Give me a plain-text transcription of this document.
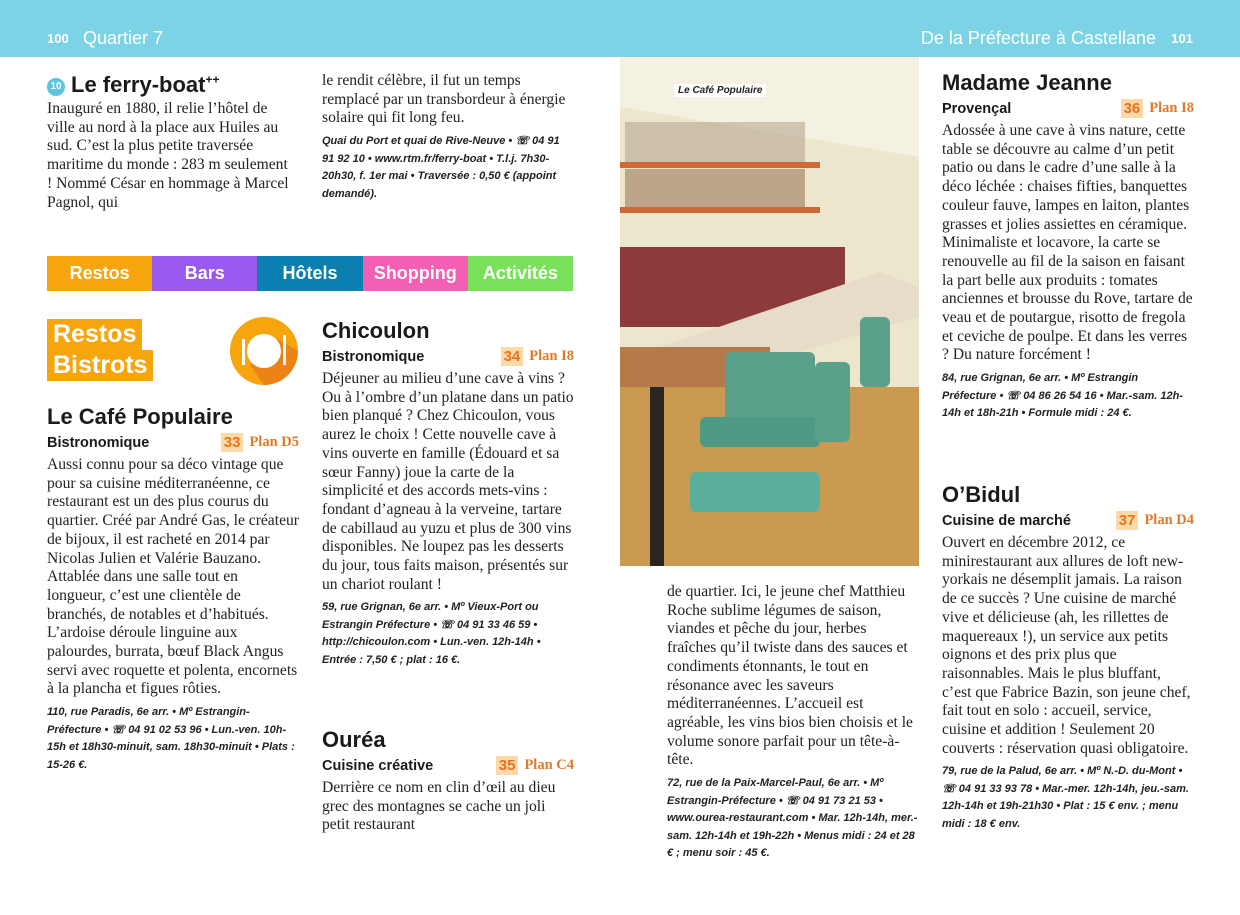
100 Quartier 7	De la Préfecture à Castellane 101
10 Le ferry-boat++
Inauguré en 1880, il relie l’hôtel de ville au nord à la place aux Huiles au sud. C’est la plus petite traversée maritime du monde : 283 m seulement ! Nommé César en hommage à Marcel Pagnol, qui
le rendit célèbre, il fut un temps remplacé par un transbordeur à énergie solaire qui fit long feu.
Quai du Port et quai de Rive-Neuve • ☏ 04 91 91 92 10 • www.rtm.fr/ferry-boat • T.l.j. 7h30-20h30, f. 1er mai • Traversée : 0,50 € (appoint demandé).
Restos	Bars	Hôtels	Shopping	Activités
Restos
Bistrots
Le Café Populaire
Bistronomique	33 Plan D5
Aussi connu pour sa déco vintage que pour sa cuisine méditerranéenne, ce restaurant est un des plus courus du quartier. Créé par André Gas, le créateur de bijoux, il est racheté en 2014 par Nicolas Julien et Valérie Bauzano. Attablée dans une salle tout en longueur, c’est une clientèle de branchés, de notables et d’habitués. L’ardoise déroule linguine aux palourdes, burrata, bœuf Black Angus servi avec roquette et polenta, encornets à la plancha et figues rôties.
110, rue Paradis, 6e arr. • Mº Estrangin-Préfecture • ☏ 04 91 02 53 96 • Lun.-ven. 10h-15h et 18h30-minuit, sam. 18h30-minuit • Plats : 15-26 €.
Chicoulon
Bistronomique	34 Plan I8
Déjeuner au milieu d’une cave à vins ? Ou à l’ombre d’un platane dans un patio bien planqué ? Chez Chicoulon, vous aurez le choix ! Cette nouvelle cave à vins ouverte en famille (Édouard et sa sœur Fanny) joue la carte de la simplicité et des accords mets-vins : fondant d’agneau à la verveine, tartare de cabillaud au yuzu et plus de 300 vins disponibles. Ne loupez pas les desserts du jour, tous faits maison, présentés sur un chariot roulant !
59, rue Grignan, 6e arr. • Mº Vieux-Port ou Estrangin Préfecture • ☏ 04 91 33 46 59 • http://chicoulon.com • Lun.-ven. 12h-14h • Entrée : 7,50 € ; plat : 16 €.
Ouréa
Cuisine créative	35 Plan C4
Derrière ce nom en clin d’œil au dieu grec des montagnes se cache un joli petit restaurant
Le Café Populaire
de quartier. Ici, le jeune chef Matthieu Roche sublime légumes de saison, viandes et pêche du jour, herbes fraîches qu’il twiste dans des sauces et condiments étonnants, le tout en résonance avec les saveurs méditerranéennes. L’accueil est agréable, les vins bios bien choisis et le volume sonore parfait pour un tête-à-tête.
72, rue de la Paix-Marcel-Paul, 6e arr. • Mº Estrangin-Préfecture • ☏ 04 91 73 21 53 • www.ourea-restaurant.com • Mar. 12h-14h, mer.-sam. 12h-14h et 19h-22h • Menus midi : 24 et 28 € ; menu soir : 45 €.
Madame Jeanne
Provençal	36 Plan I8
Adossée à une cave à vins nature, cette table se découvre au calme d’un petit patio ou dans le cadre d’une salle à la déco léchée : chaises fifties, banquettes couleur fauve, lampes en laiton, plantes grasses et jolies assiettes en céramique. Minimaliste et locavore, la carte se renouvelle au fil de la saison en faisant la part belle aux produits : tomates anciennes et brousse du Rove, tartare de veau et de poutargue, risotto de fregola et ceviche de poulpe. Et dans les verres ? Du nature forcément !
84, rue Grignan, 6e arr. • Mº Estrangin Préfecture • ☏ 04 86 26 54 16 • Mar.-sam. 12h-14h et 18h-21h • Formule midi : 24 €.
O’Bidul
Cuisine de marché	37 Plan D4
Ouvert en décembre 2012, ce minirestaurant aux allures de loft new-yorkais ne désemplit jamais. La raison de ce succès ? Une cuisine de marché vive et délicieuse (ah, les rillettes de maquereaux !), un service aux petits oignons et des prix plus que raisonnables. Mais le plus bluffant, c’est que Fabrice Bazin, son jeune chef, fait tout en solo : accueil, service, cuisine et addition ! Seulement 20 couverts : réservation quasi obligatoire.
79, rue de la Palud, 6e arr. • Mº N.-D. du-Mont • ☏ 04 91 33 93 78 • Mar.-mer. 12h-14h, jeu.-sam. 12h-14h et 19h-21h30 • Plat : 15 € env. ; menu midi : 18 € env.
